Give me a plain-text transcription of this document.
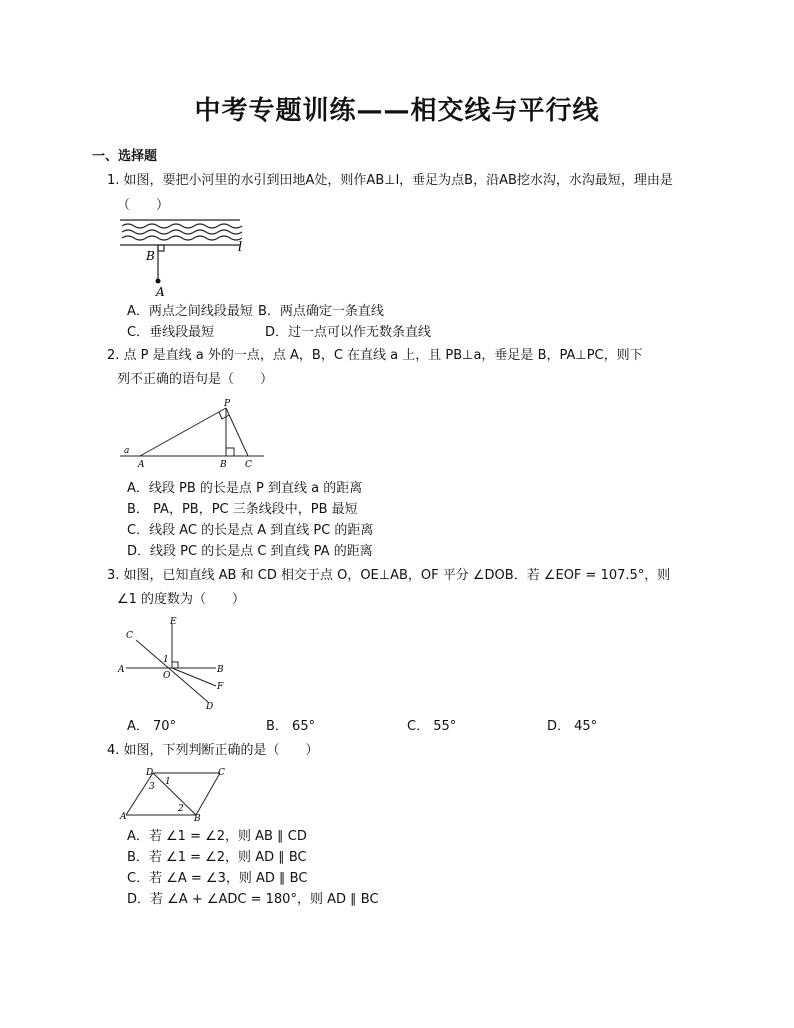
中考专题训练——相交线与平行线
一、选择题
1. 如图，要把小河里的水引到田地A处，则作AB⊥l，垂足为点B，沿AB挖水沟，水沟最短，理由是
（　　）
l
B
A
A．两点之间线段最短 B．两点确定一条直线
C．垂线段最短	D．过一点可以作无数条直线
2. 点 P 是直线 a 外的一点，点 A，B，C 在直线 a 上，且 PB⊥a，垂足是 B，PA⊥PC，则下
列不正确的语句是（　　）
P
a
A	B C
A．线段 PB 的长是点 P 到直线 a 的距离
B． PA，PB，PC 三条线段中，PB 最短
C．线段 AC 的长是点 A 到直线 PC 的距离
D．线段 PC 的长是点 C 到直线 PA 的距离
3. 如图，已知直线 AB 和 CD 相交于点 O，OE⊥AB，OF 平分 ∠DOB．若 ∠EOF = 107.5°，则
∠1 的度数为（　　）
C
E
A	B
O
1
F
D
A． 70°	B． 65°	C． 55°	D． 45°
4. 如图，下列判断正确的是（　　）
D	C
A	B
1
2
3
A．若 ∠1 = ∠2，则 AB ∥ CD
B．若 ∠1 = ∠2，则 AD ∥ BC
C．若 ∠A = ∠3，则 AD ∥ BC
D．若 ∠A + ∠ADC = 180°，则 AD ∥ BC
